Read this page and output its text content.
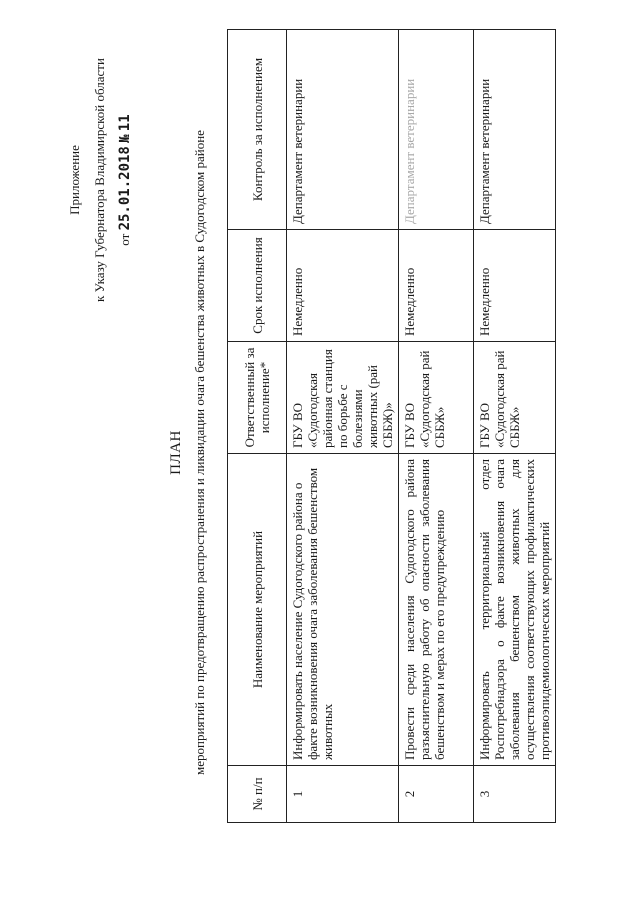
Приложение к Указу Губернатора Владимирской области от 25.01.2018 № 11
ПЛАН мероприятий по предотвращению распространения и ликвидации очага бешенства животных в Судогодском районе
№ п/п	Наименование мероприятий	Ответственный за исполнение*	Срок исполнения	Контроль за исполнением
1	Информировать население Судогодского района о факте возникновения очага заболевания бешенством животных	ГБУ ВО «Судогодская районная станция по борьбе с болезнями животных (рай СББЖ)»	Немедленно	Департамент ветеринарии
2	Провести среди населения Судогодского района разъяснительную работу об опасности заболевания бешенством и мерах по его предупреждению	ГБУ ВО «Судогодская рай СББЖ»	Немедленно	Департамент ветеринарии
3	Информировать территориальный отдел Роспотребнадзора о факте возникновения очага заболевания бешенством животных для осуществления соответствующих профилактических противоэпидемиологических мероприятий	ГБУ ВО «Судогодская рай СББЖ»	Немедленно	Департамент ветеринарии
